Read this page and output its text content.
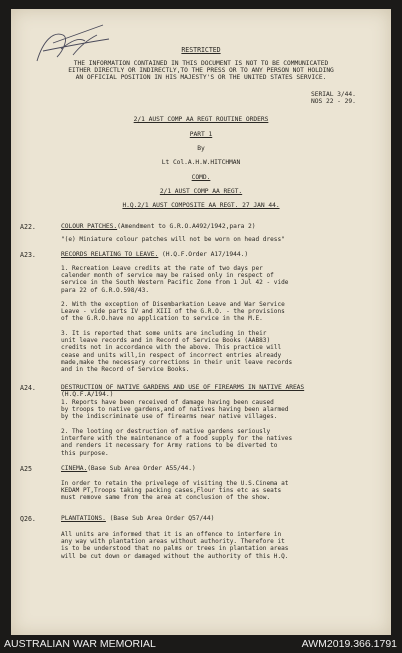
RESTRICTED
THE INFORMATION CONTAINED IN THIS DOCUMENT IS NOT TO BE COMMUNICATED
EITHER DIRECTLY OR INDIRECTLY,TO THE PRESS OR TO ANY PERSON NOT HOLDING
AN OFFICIAL POSITION IN HIS MAJESTY'S OR THE UNITED STATES SERVICE.
SERIAL 3/44.
NOS 22 - 29.
2/1 AUST COMP AA REGT ROUTINE ORDERS
PART 1
By
Lt Col.A.H.W.HITCHMAN
COMD.
2/1 AUST COMP AA REGT.
H.Q.2/1 AUST COMPOSITE AA REGT. 27 JAN 44.
A22.	COLOUR PATCHES.(Amendment to G.R.O.A492/1942,para 2)
"(e) Miniature colour patches will not be worn on head dress"
A23.	RECORDS RELATING TO LEAVE. (H.Q.F.Order A17/1944.)
1. Recreation Leave credits at the rate of two days per
calender month of service may be raised only in respect of
service in the South Western Pacific Zone from 1 Jul 42 - vide
para 22 of G.R.O.598/43.
2. With the exception of Disembarkation Leave and War Service
Leave - vide parts IV and XIII of the G.R.O. - the provisions
of the G.R.O.have no application to service in the M.E.
3. It is reported that some units are including in their
unit leave records and in Record of Service Books (AAB83)
credits not in accordance with the above. This practice will
cease and units will,in respect of incorrect entries already
made,make the necessary corrections in their unit leave records
and in the Record of Service Books.
A24.	DESTRUCTION OF NATIVE GARDENS AND USE OF FIREARMS IN NATIVE AREAS
(H.Q.F.A/194.)
1. Reports have been received of damage having been caused
by troops to native gardens,and of natives having been alarmed
by the indiscriminate use of firearms near native villages.
2. The looting or destruction of native gardens seriously
interfere with the maintenance of a food supply for the natives
and renders it necessary for Army rations to be diverted to
this purpose.
A25	CINEMA.(Base Sub Area Order A55/44.)
In order to retain the privelege of visiting the U.S.Cinema at
KEDAM PT,Troops taking packing cases,Flour tins etc as seats
must remove same from the area at conclusion of the show.
Q26.	PLANTATIONS. (Base Sub Area Order Q57/44)
All units are informed that it is an offence to interfere in
any way with plantation areas without authority. Therefore it
is to be understood that no palms or trees in plantation areas
will be cut down or damaged without the authority of this H.Q.
AUSTRALIAN WAR MEMORIAL	AWM2019.366.1791
